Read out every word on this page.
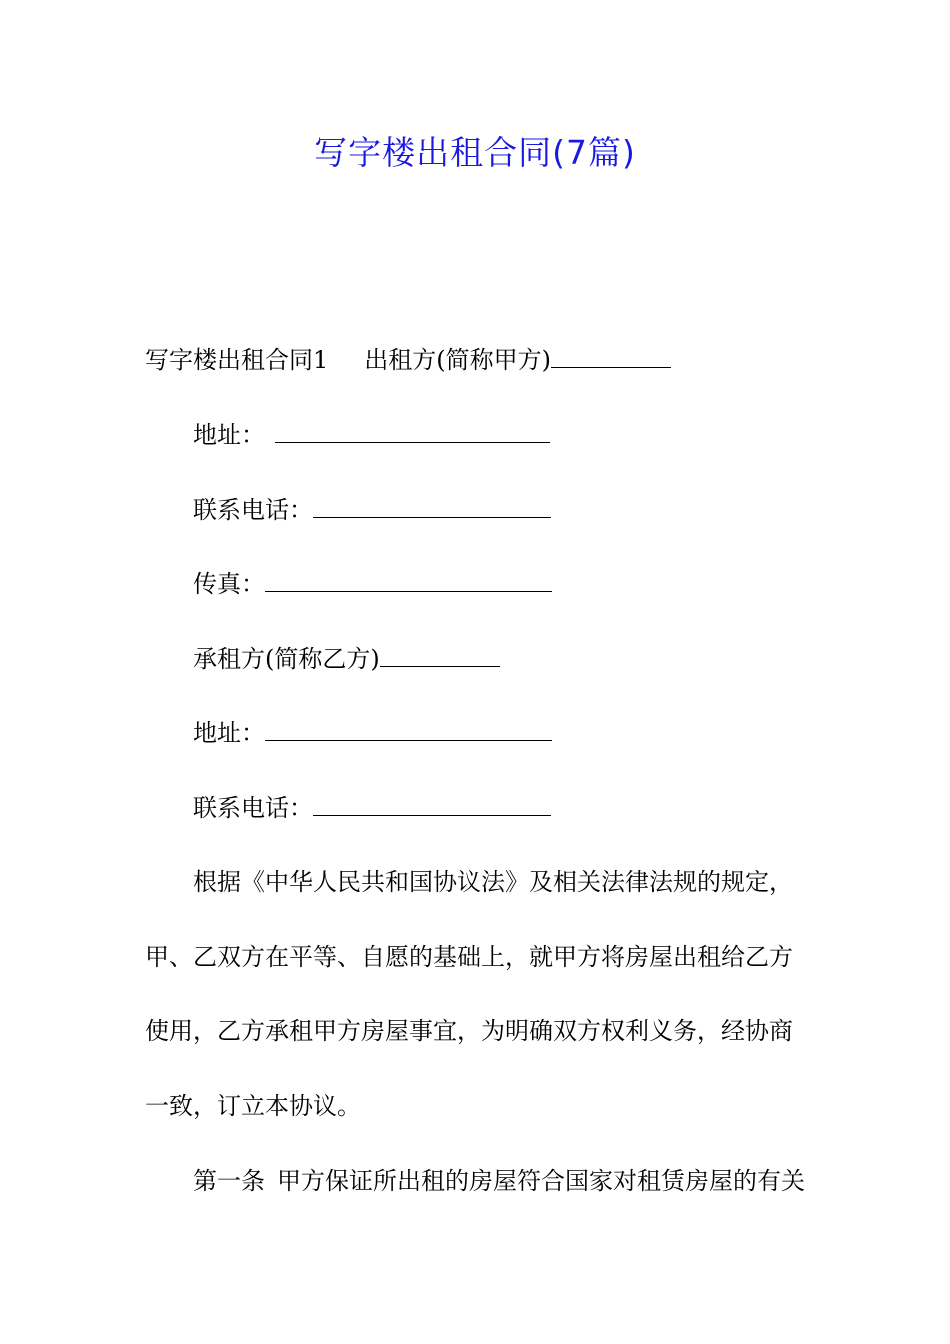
写字楼出租合同(7篇)
写字楼出租合同1 出租方(简称甲方)
地址：
联系电话：
传真：
承租方(简称乙方)
地址：
联系电话：
根据《中华人民共和国协议法》及相关法律法规的规定，
甲、乙双方在平等、自愿的基础上，就甲方将房屋出租给乙方
使用，乙方承租甲方房屋事宜，为明确双方权利义务，经协商
一致，订立本协议。
第一条 甲方保证所出租的房屋符合国家对租赁房屋的有关
